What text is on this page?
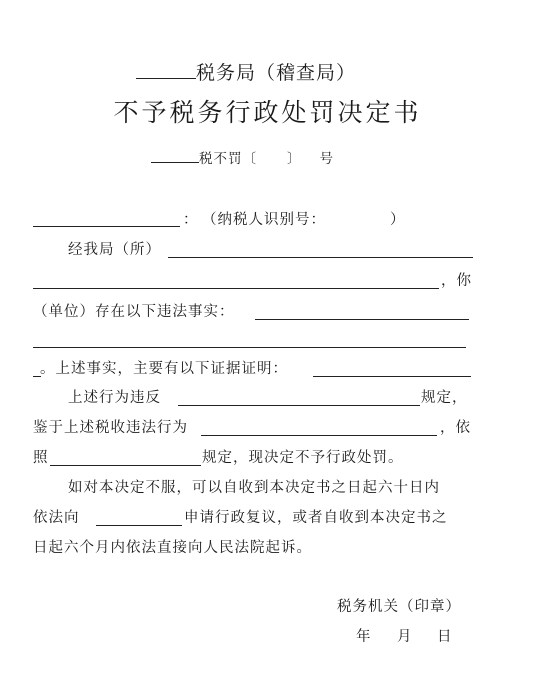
税务局（稽查局）
不予税务行政处罚决定书
税不罚〔 〕 号
： （纳税人识别号：	）
经我局（所）
，你
（单位）存在以下违法事实：
。上述事实，主要有以下证据证明：
上述行为违反	规定，
鉴于上述税收违法行为	，依
照	规定，现决定不予行政处罚。
如对本决定不服，可以自收到本决定书之日起六十日内
依法向	申请行政复议，或者自收到本决定书之
日起六个月内依法直接向人民法院起诉。
税务机关（印章）
年 月 日
